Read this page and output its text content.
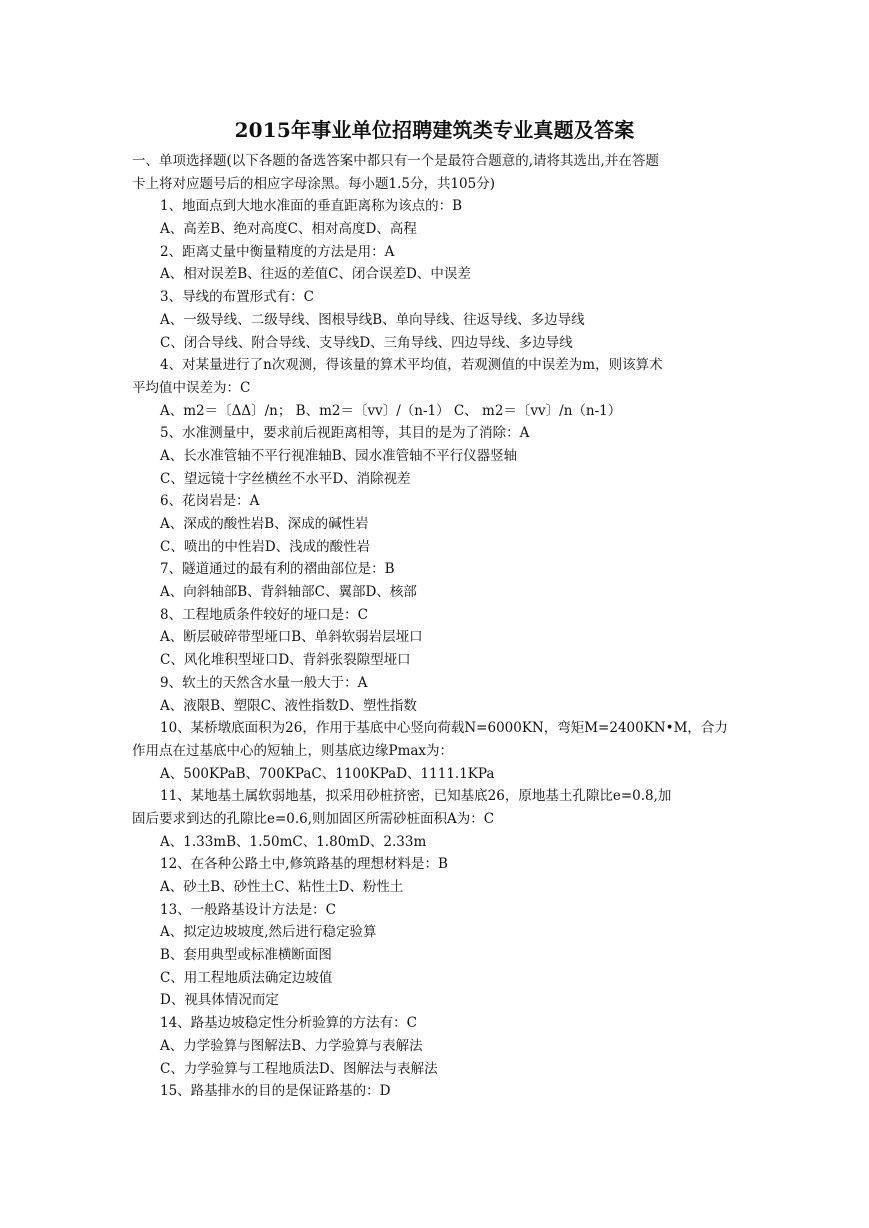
2015年事业单位招聘建筑类专业真题及答案
一、单项选择题(以下各题的备选答案中都只有一个是最符合题意的,请将其选出,并在答题
卡上将对应题号后的相应字母涂黑。每小题1.5分，共105分)
1、地面点到大地水准面的垂直距离称为该点的：B
A、高差B、绝对高度C、相对高度D、高程
2、距离丈量中衡量精度的方法是用：A
A、相对误差B、往返的差值C、闭合误差D、中误差
3、导线的布置形式有：C
A、一级导线、二级导线、图根导线B、单向导线、往返导线、多边导线
C、闭合导线、附合导线、支导线D、三角导线、四边导线、多边导线
4、对某量进行了n次观测，得该量的算术平均值，若观测值的中误差为m，则该算术
平均值中误差为：C
A、m2＝〔ΔΔ〕/n； B、m2＝〔vv〕/（n-1） C、 m2＝〔vv〕/n（n-1）
5、水准测量中，要求前后视距离相等，其目的是为了消除：A
A、长水准管轴不平行视准轴B、园水准管轴不平行仪器竖轴
C、望远镜十字丝横丝不水平D、消除视差
6、花岗岩是：A
A、深成的酸性岩B、深成的碱性岩
C、喷出的中性岩D、浅成的酸性岩
7、隧道通过的最有利的褶曲部位是：B
A、向斜轴部B、背斜轴部C、翼部D、核部
8、工程地质条件较好的垭口是：C
A、断层破碎带型垭口B、单斜软弱岩层垭口
C、风化堆积型垭口D、背斜张裂隙型垭口
9、软土的天然含水量一般大于：A
A、液限B、塑限C、液性指数D、塑性指数
10、某桥墩底面积为26，作用于基底中心竖向荷载N=6000KN，弯矩M=2400KN•M，合力
作用点在过基底中心的短轴上，则基底边缘Pmax为：
A、500KPaB、700KPaC、1100KPaD、1111.1KPa
11、某地基土属软弱地基，拟采用砂桩挤密，已知基底26，原地基土孔隙比e=0.8,加
固后要求到达的孔隙比e=0.6,则加固区所需砂桩面积A为：C
A、1.33mB、1.50mC、1.80mD、2.33m
12、在各种公路土中,修筑路基的理想材料是：B
A、砂土B、砂性土C、粘性土D、粉性土
13、一般路基设计方法是：C
A、拟定边坡坡度,然后进行稳定验算
B、套用典型或标准横断面图
C、用工程地质法确定边坡值
D、视具体情况而定
14、路基边坡稳定性分析验算的方法有：C
A、力学验算与图解法B、力学验算与表解法
C、力学验算与工程地质法D、图解法与表解法
15、路基排水的目的是保证路基的：D
